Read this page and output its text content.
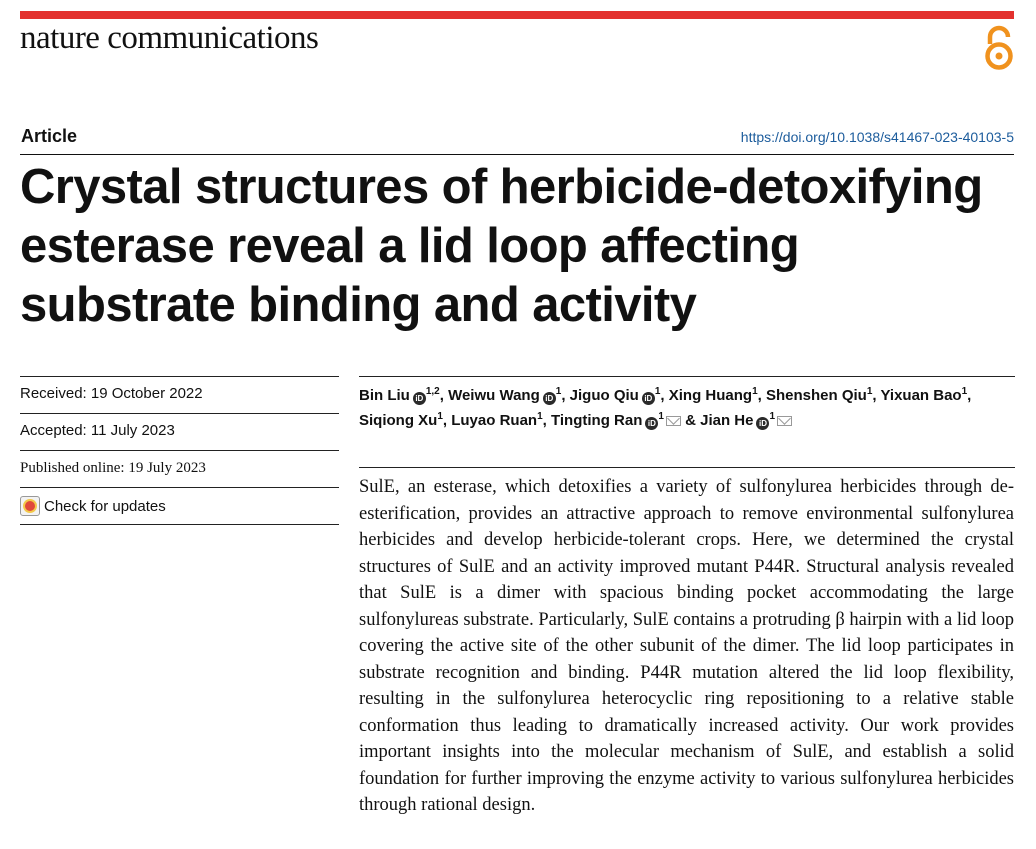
nature communications
Article	https://doi.org/10.1038/s41467-023-40103-5
Crystal structures of herbicide-detoxifying esterase reveal a lid loop affecting substrate binding and activity
Received: 19 October 2022
Accepted: 11 July 2023
Published online: 19 July 2023
Check for updates
Bin Liu iD$^{1,2}$, Weiwu Wang $iD^1$, Jiguo Qiu $iD^1$, Xing Huang$^1$, Shenshen Qiu$^1$, Yixuan Bao$^1$, Siqiong Xu$^1$, Luyao Ruan$^1$, Tingting Ran $iD^1$ & Jian He $iD^1$

SulE, an esterase, which detoxifies a variety of sulfonylurea herbicides through de-esterification, provides an attractive approach to remove environmental sulfonylurea herbicides and develop herbicide-tolerant crops. Here, we determined the crystal structures of SulE and an activity improved mutant P44R. Structural analysis revealed that SulE is a dimer with spacious binding pocket accommodating the large sulfonylureas substrate. Particularly, SulE contains a protruding β hairpin with a lid loop covering the active site of the other subunit of the dimer. The lid loop participates in substrate recognition and binding. P44R mutation altered the lid loop flexibility, resulting in the sulfonylurea heterocyclic ring repositioning to a relative stable conformation thus leading to dramatically increased activity. Our work provides important insights into the molecular mechanism of SulE, and establish a solid foundation for further improving the enzyme activity to various sulfonylurea herbicides through rational design.
